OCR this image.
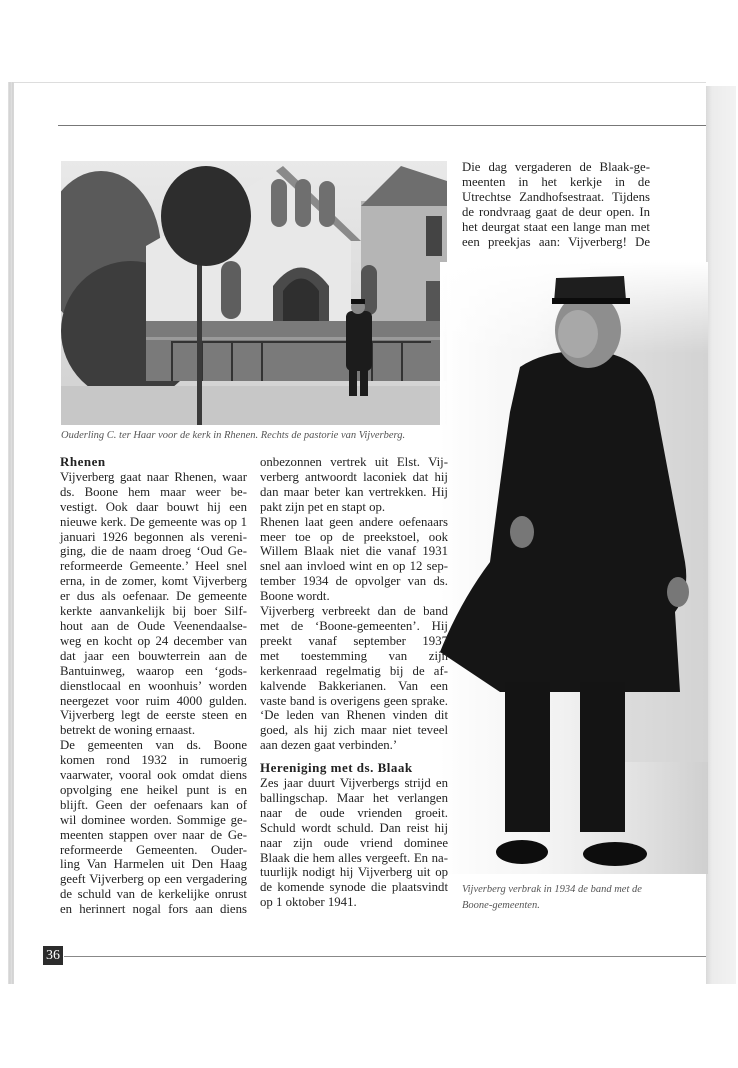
Ouderling C. ter Haar voor de kerk in Rhenen. Rechts de pastorie van Vijverberg.
Die dag vergaderen de Blaak-ge-
meenten in het kerkje in de
Utrechtse Zandhofsestraat. Tijdens
de rondvraag gaat de deur open. In
het deurgat staat een lange man met
een preekjas aan: Vijverberg! De

Rhenen

Vijverberg gaat naar Rhenen, waar
ds. Boone hem maar weer be-
vestigt. Ook daar bouwt hij een
nieuwe kerk. De gemeente was op 1
januari 1926 begonnen als vereni-
ging, die de naam droeg ‘Oud Ge-
reformeerde Gemeente.’ Heel snel
erna, in de zomer, komt Vijverberg
er dus als oefenaar. De gemeente
kerkte aanvankelijk bij boer Silf-
hout aan de Oude Veenendaalse-
weg en kocht op 24 december van
dat jaar een bouwterrein aan de
Bantuinweg, waarop een ‘gods-
dienstlocaal en woonhuis’ worden
neergezet voor ruim 4000 gulden.
Vijverberg legt de eerste steen en
betrekt de woning ernaast.
De gemeenten van ds. Boone
komen rond 1932 in rumoerig
vaarwater, vooral ook omdat diens
opvolging ene heikel punt is en
blijft. Geen der oefenaars kan of
wil dominee worden. Sommige ge-
meenten stappen over naar de Ge-
reformeerde Gemeenten. Ouder-
ling Van Harmelen uit Den Haag
geeft Vijverberg op een vergadering
de schuld van de kerkelijke onrust
en herinnert nogal fors aan diens
onbezonnen vertrek uit Elst. Vij-
verberg antwoordt laconiek dat hij
dan maar beter kan vertrekken. Hij
pakt zijn pet en stapt op.
Rhenen laat geen andere oefenaars
meer toe op de preekstoel, ook
Willem Blaak niet die vanaf 1931
snel aan invloed wint en op 12 sep-
tember 1934 de opvolger van ds.
Boone wordt.
Vijverberg verbreekt dan de band
met de ‘Boone-gemeenten’. Hij
preekt vanaf september 1937
met toestemming van zijn
kerkenraad regelmatig bij de af-
kalvende Bakkerianen. Van een
vaste band is overigens geen sprake.
‘De leden van Rhenen vinden dit
goed, als hij zich maar niet teveel
aan dezen gaat verbinden.’

Hereniging met ds. Blaak

Zes jaar duurt Vijverbergs strijd en
ballingschap. Maar het verlangen
naar de oude vrienden groeit.
Schuld wordt schuld. Dan reist hij
naar zijn oude vriend dominee
Blaak die hem alles vergeeft. En na-
tuurlijk nodigt hij Vijverberg uit op
de komende synode die plaatsvindt
op 1 oktober 1941.
Vijverberg verbrak in 1934 de band met de Boone-gemeenten.
36
